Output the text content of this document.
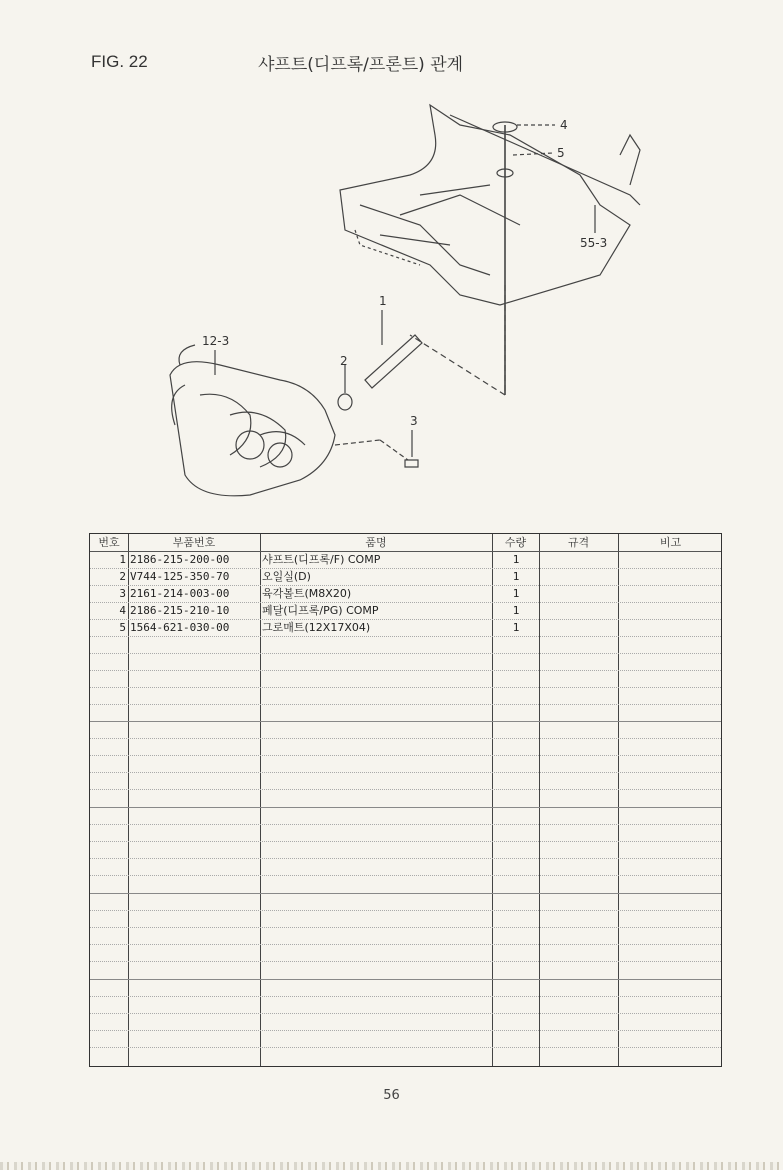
FIG. 22	샤프트(디프록/프론트) 관계
4
5
55-3
12-3
2
1
3
번호	부품번호	품명	수량	규격	비고
1 2186-215-200-00	샤프트(디프록/F) COMP	1
2 V744-125-350-70	오일실(D)	1
3 2161-214-003-00	육각볼트(M8X20)	1
4 2186-215-210-10	페달(디프록/PG) COMP	1
5 1564-621-030-00	그로매트(12X17X04)	1
56
